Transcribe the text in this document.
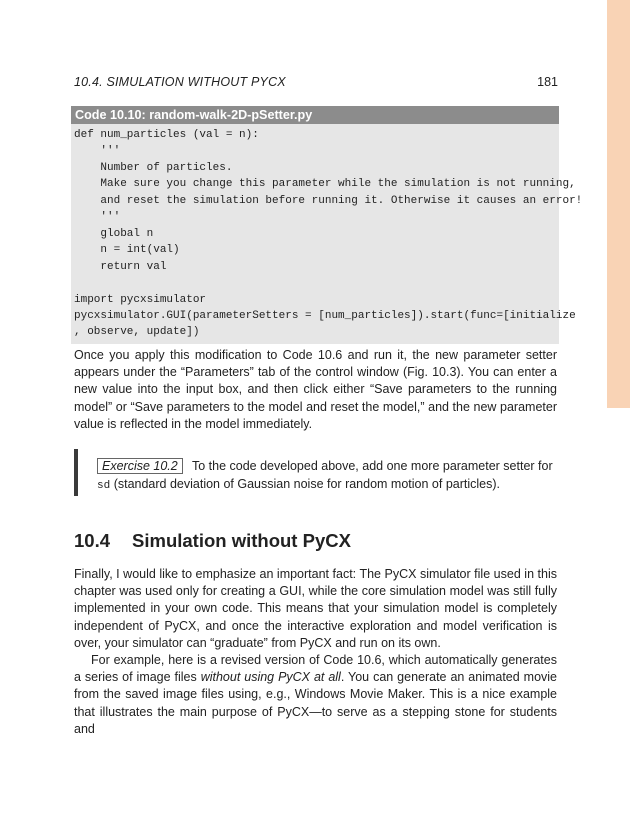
10.4. SIMULATION WITHOUT PYCX	181
Code 10.10: random-walk-2D-pSetter.py
def num_particles (val = n):
'''
Number of particles.
Make sure you change this parameter while the simulation is not running,
and reset the simulation before running it. Otherwise it causes an error!
'''
global n
n = int(val)
return val

import pycxsimulator
pycxsimulator.GUI(parameterSetters = [num_particles]).start(func=[initialize
, observe, update])

Once you apply this modification to Code 10.6 and run it, the new parameter setter appears under the “Parameters” tab of the control window (Fig. 10.3). You can enter a new value into the input box, and then click either “Save parameters to the running model” or “Save parameters to the model and reset the model,” and the new parameter value is reflected in the model immediately.

Exercise 10.2 To the code developed above, add one more parameter setter for sd (standard deviation of Gaussian noise for random motion of particles).

10.4 Simulation without PyCX

Finally, I would like to emphasize an important fact: The PyCX simulator file used in this chapter was used only for creating a GUI, while the core simulation model was still fully implemented in your own code. This means that your simulation model is completely independent of PyCX, and once the interactive exploration and model verification is over, your simulator can “graduate” from PyCX and run on its own.

For example, here is a revised version of Code 10.6, which automatically generates a series of image files without using PyCX at all. You can generate an animated movie from the saved image files using, e.g., Windows Movie Maker. This is a nice example that illustrates the main purpose of PyCX—to serve as a stepping stone for students and
